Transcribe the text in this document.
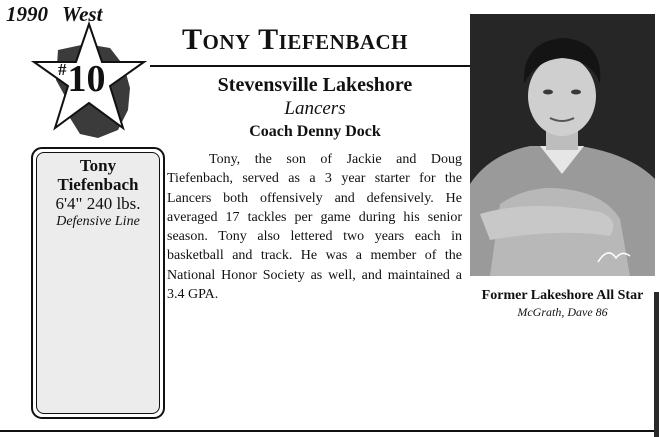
1990 West
#10
Tony Tiefenbach
Stevensville Lakeshore
Lancers
Coach Denny Dock
Tony
Tiefenbach
6'4" 240 lbs.
Defensive Line
Tony, the son of Jackie and Doug Tiefenbach, served as a 3 year starter for the Lancers both offensively and defensively. He averaged 17 tackles per game during his senior season. Tony also lettered two years each in basketball and track. He was a member of the National Honor Society as well, and maintained a 3.4 GPA.	Former Lakeshore All Star
McGrath, Dave 86
